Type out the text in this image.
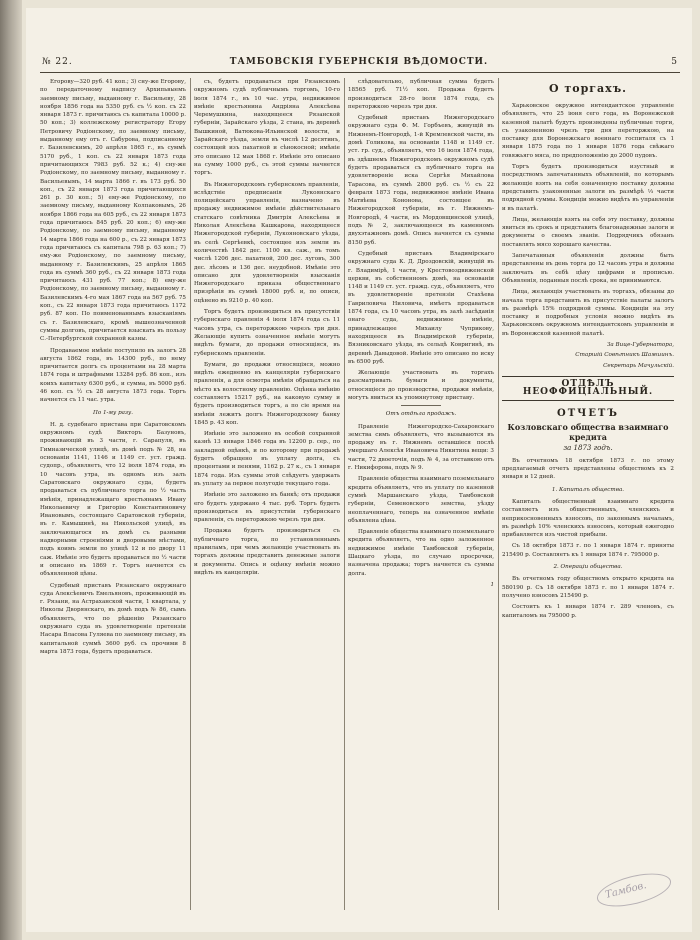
№ 22.	ТАМБОВСКІЯ ГУБЕРНСКІЯ ВѢДОМОСТИ.	5

Егорову—320 руб. 41 коп.; 3) сну-же Егорову, по передаточному надпису Архипьвыемъ заемному письму, выданному г. Васильеву, 28 ноября 1856 года на 5350 руб. съ ½ коп. съ 22 января 1873 г. причитаюсь съ капитала 10000 р. 50 коп.; 3) коллежскому регистратору Егору Петровичу Родіонскому, по заемному письму, выданному ему отъ г. Сабурова, подписанному г. Базилевскимъ, 20 апрѣля 1865 г., въ суммѣ 5170 руб., 1 коп. съ 22 января 1873 года причитающихся 7983 руб. 52 к.; 4) сну-же Родіонскому, по заемному письму, выданному г. Васильевымъ, 14 марта 1866 г. въ 173 руб. 50 коп., съ 22 января 1873 года причитающихся 261 р. 30 коп.; 5) ему-же Родіонскому, по заемному письму, выданному Колпаковымъ, 26 ноября 1866 года на 605 руб., съ 22 января 1873 года причитаюсь 845 руб. 20 коп.; 6) ему-же Родіонскому, по заемному письму, выданному 14 марта 1866 года на 600 р., съ 22 января 1873 года причитаюсь съ капитала 798 р. 63 коп.; 7) ему-же Родіонскому, по заемному письму, выданному г. Базилевскимъ, 25 апрѣля 1865 года въ суммѣ 360 руб., съ 22 января 1873 года причитаюсь 431 руб. 77 коп.; 8) ему-же Родіонскому, по заемному письму, выданному г. Базилевскимъ 4-го мая 1867 года на 567 руб. 75 коп., съ 22 января 1873 года причитаюсь 1172 руб. 87 коп. По поименованнымъ взысканіямъ съ г. Базилевскаго, кромѣ вышеозначенной суммы долговъ, причитается взыскать въ пользу С.-Петербургской сохранной казны.

Продаваемое имѣніе поступило въ залогъ 28 августа 1862 года, въ 14300 руб., по нему причитается долгъ съ процентами на 28 марта 1874 года и штрафными 13284 руб. 86 коп., изъ коихъ капиталу 6300 руб., и сумма, въ 5000 руб. 46 коп. съ ½ съ 28 августа 1873 года. Торгъ начнется съ 11 час. утра.

По 1-му разу.

Н. д. судебнаго пристава при Саратовскомъ окружномъ судѣ Викторъ Базуновъ, проживающій въ 3 части, г. Сарапуля, въ Гимназической улицѣ, въ домѣ подъ № 28, на основаніи 1141, 1146 и 1149 ст. уст. гражд. судопр., объявляетъ, что 12 іюля 1874 года, въ 10 часовъ утра, въ одномъ изъ залъ Саратовскаго окружнаго суда, будетъ продаваться съ публичнаго торга по ½ часть имѣнія, принадлежащаго крестьянамъ Ивану Николаевичу и Григорію Константиновичу Ивановымъ, состоящаго Саратовской губерніи, въ г. Камышинѣ, на Никольской улицѣ, въ заключающагося въ домѣ съ разными надворными строеніями и дворовыми мѣстами, подъ коимъ земли по улицѣ 12 и по двору 11 саж. Имѣніе это будетъ продаваться по ½ части и описано въ 1869 г. Торгъ начнется съ объявленной цѣны.

Судебный приставъ Рязанскаго окружнаго суда Алексѣевичъ Емельяновъ, проживающій въ г. Рязани, на Астраханской части, 1 квартала, у Николы Дворянскаго, въ домѣ подъ № 86, сымъ объявляетъ, что по рѣшенію Рязанскаго окружнаго суда въ удовлетвореніе претензіи Насара Власова Гуляева по заемному письму, въ капитальной суммѣ 3600 руб. съ прочими 8 марта 1873 года, будетъ продаваться.

съ, будетъ продаваться при Рязанскомъ окружномъ судѣ публичнымъ торгомъ, 10-го іюля 1874 г., въ 10 час. утра, недвижимое имѣніе крестьянина Андріяна Алексѣева Черемушкина, находящееся Рязанской губерніи, Зарайскаго уѣзда, 2 стана, въ деревнѣ Вышкиной, Ватюкова-Ильинской волости, и Зарайскаго уѣзда, земли въ числѣ 12 десятинъ, состоящей изъ пахатной и сѣнокосной; имѣніе это описано 12 мая 1868 г. Имѣніе это описано на сумму 1000 руб., съ этой суммы начнется торгъ.

Въ Нижегородскомъ губернскомъ правленіи, вслѣдствіе предписанія Лукоянскаго полицейскаго управленія, назначено въ продажу недвижимое имѣніе дѣйствительнаго статскаго совѣтника Дмитрія Алексѣева и Николая Алексѣева Кашкарова, находящееся Нижегородской губерніи, Лукояновскаго уѣзда, въ селѣ Сергѣевкѣ, состоящее изъ земли въ количествѣ 1842 дес. 1100 кв. саж., въ томъ числѣ 1206 дес. пахатной, 200 дес. луговъ, 300 дес. лѣсовъ и 136 дес. неудобной. Имѣніе это описано для удовлетворенія взысканія Нижегородскаго приказа общественнаго призрѣнія въ суммѣ 18000 руб. и, по описи, оцѣнено въ 9210 р. 40 коп.

Торгъ будетъ производиться въ присутствіи губернскаго правленія 4 іюля 1874 года съ 11 часовъ утра, съ переторжкою черезъ три дня. Желающіе купить означенное имѣніе могутъ видѣть бумаги, до продажи относящіяся, въ губернскомъ правленіи.

Бумаги, до продажи относящіяся, можно видѣть ежедневно въ канцеляріи губернскаго правленія, а для осмотра имѣнія обращаться на мѣсто къ волостному правленію. Оцѣнка имѣнію составляетъ 15217 руб., на каковую сумму и будетъ производиться торгъ, а по сіе время на имѣніи лежитъ долгъ Нижегородскому банку 1845 р. 43 коп.

Имѣніе это заложено въ особой сохранной казнѣ 13 января 1846 года въ 12200 р. сер., по закладной оцѣнкѣ, и по которому при продажѣ будетъ обращено въ уплату долга, съ процентами и пенями, 1162 р. 27 к., съ 1 января 1874 года. Изъ суммы этой слѣдуетъ удержать въ уплату за первое полугодіе текущаго года.

Имѣніе это заложено въ банкѣ; отъ продажи его будетъ удержано 4 тыс. руб. Торгъ будетъ производиться въ присутствіи губернскаго правленія, съ переторжкою черезъ три дня.

Продажа будетъ производиться съ публичнаго торга, по установленнымъ правиламъ, при чемъ желающіе участвовать въ торгахъ должны представить денежные залоги и документы. Опись и оцѣнку имѣнія можно видѣть въ канцеляріи.

слѣдовательно, публичная сумма будетъ 18565 руб. 71½ коп. Продажа будетъ производиться 28-го іюля 1874 года, съ переторжкою черезъ три дня.

Судебный приставъ Нижегородскаго окружнаго суда Ф. М. Горбъевъ, живущій въ Нижнемъ-Новгородѣ, 1-й Кремлевской части, въ домѣ Голикова, на основаніи 1148 и 1149 ст. уст. гр. суд., объявляетъ, что 16 іюля 1874 года, въ здѣшнемъ Нижегородскомъ окружномъ судѣ будетъ продаваться съ публичнаго торга на удовлетвореніе иска Сергѣя Михайлова Тарасова, въ суммѣ 2800 руб. съ ½ съ 22 февраля 1873 года, недвижимое имѣніе Ивана Матвѣева Кононова, состоящее въ Нижегородской губерніи, въ г. Нижнемъ-Новгородѣ, 4 части, въ Мордовщинской улицѣ, подъ № 2, заключающееся въ каменномъ двухэтажномъ домѣ. Опись начнется съ суммы 8150 руб.

Судебный приставъ Владимірскаго окружнаго суда К. Д. Дроздовскій, живущій въ г. Владимірѣ, 1 части, у Крестовоздвиженской церкви, въ собственномъ домѣ, на основаніи 1148 и 1149 ст. уст. гражд. суд., объявляетъ, что въ удовлетвореніе претензіи Стахѣева Гавриловича Ниловича, имѣетъ продаваться 1874 года, съ 10 часовъ утра, въ залѣ засѣданія онаго суда, недвижимое имѣніе, принадлежащее Михаилу Чуприкову, находящееся въ Владимірской губерніи, Вязниковскаго уѣзда, въ сельцѣ Ковригинѣ, въ деревнѣ Давыдовой. Имѣніе это описано по иску въ 6500 руб.

Желающіе участвовать въ торгахъ разсматривать бумаги и документы, относящіеся до производства, продажи имѣнія, могутъ явиться къ упомянутому приставу.

Отъ отдѣла продажъ.

Правленіе Нижегородско-Сахаровскаго земства симъ объявляетъ, что вызываются въ продажу въ г. Нижнемъ оставшіеся послѣ умершаго Алексѣя Ивановича Никитина вещи: 3 части, 72 двоеточія, подъ № 4, за отставкою отъ г. Никифорова, подъ № 9.

Правленіе общества взаимнаго поземельнаго кредита объявляетъ, что въ уплату по казенной суммѣ Маршанскаго уѣзда, Тамбовской губерніи, Семеновского земства, уѣзду неоплаченнаго, теперь на означенное имѣніе объявлена цѣна.

Правленіе общества взаимнаго поземельнаго кредита объявляетъ, что на одно заложенное недвижимое имѣніе Тамбовской губерніи, Шацкаго уѣзда, по случаю просрочки, назначена продажа; торгъ начнется съ суммы долга.

1

О торгахъ.

Харьковское окружное интендантское управленіе объявляетъ, что 25 іюня сего года, въ Воронежской казенной палатѣ будутъ произведены публичные торги, съ узаконенною чрезъ три дня переторжкою, на поставку для Воронежскаго военнаго госпиталя съ 1 января 1875 года по 1 января 1876 года свѣжаго говяжьяго мяса, по предположенію до 2000 пудовъ.

Торгъ будетъ производиться изустный и посредствомъ запечатанныхъ объявленій, по которымъ желающіе взять на себя означенную поставку должны представить узаконенные залоги въ размѣрѣ ⅓ части подрядной суммы. Кондиціи можно видѣть въ управленіи и въ палатѣ.

Лица, желающія взять на себя эту поставку, должны явиться въ срокъ и представить благонадежные залоги и документы о своемъ званіи. Подрядчикъ обязанъ поставлять мясо хорошаго качества.

Запечатанныя объявленія должны быть представлены въ день торга до 12 часовъ утра и должны заключать въ себѣ цѣну цифрами и прописью. Объявленія, поданныя послѣ срока, не принимаются.

Лица, желающія участвовать въ торгахъ, обязаны до начала торга представить въ присутствіе палаты залогъ въ размѣрѣ 15% подрядной суммы. Кондиціи на эту поставку и подробныя условія можно видѣть въ Харьковскомъ окружномъ интендантскомъ управленіи и въ Воронежской казенной палатѣ.

За Вице-Губернатора,

Старшій Совѣтникъ Шамшинъ.

Секретарь Мачульскій.

ОТДѢЛЪ НЕОФФИЦІАЛЬНЫЙ.
ОТЧЕТЪ
Козловскаго общества взаимнаго кредита
за 1873 годъ.

Въ отчетномъ 18 октября 1873 г. по этому предлагаемый отчетъ представлены обществомъ къ 2 января и 12 дней.

1. Капиталъ общества.

Капиталъ общественный взаимнаго кредита составляетъ изъ общественныхъ, членскихъ и неприкосновенныхъ взносовъ, по законнымъ началамъ, въ размѣрѣ 10% членскихъ взносовъ, который ежегодно прибавляется изъ чистой прибыли.

Съ 18 октября 1873 г. по 1 января 1874 г. приняты 215490 р. Составляетъ къ 1 января 1874 г. 795000 р.

2. Операціи общества.

Въ отчетномъ году обществомъ открыто кредита на 580190 р. Съ 18 октября 1873 г. по 1 января 1874 г. получено взносовъ 215490 р.

Состоитъ къ 1 января 1874 г. 289 членовъ, съ капиталомъ на 795000 р.

Тамбов.
